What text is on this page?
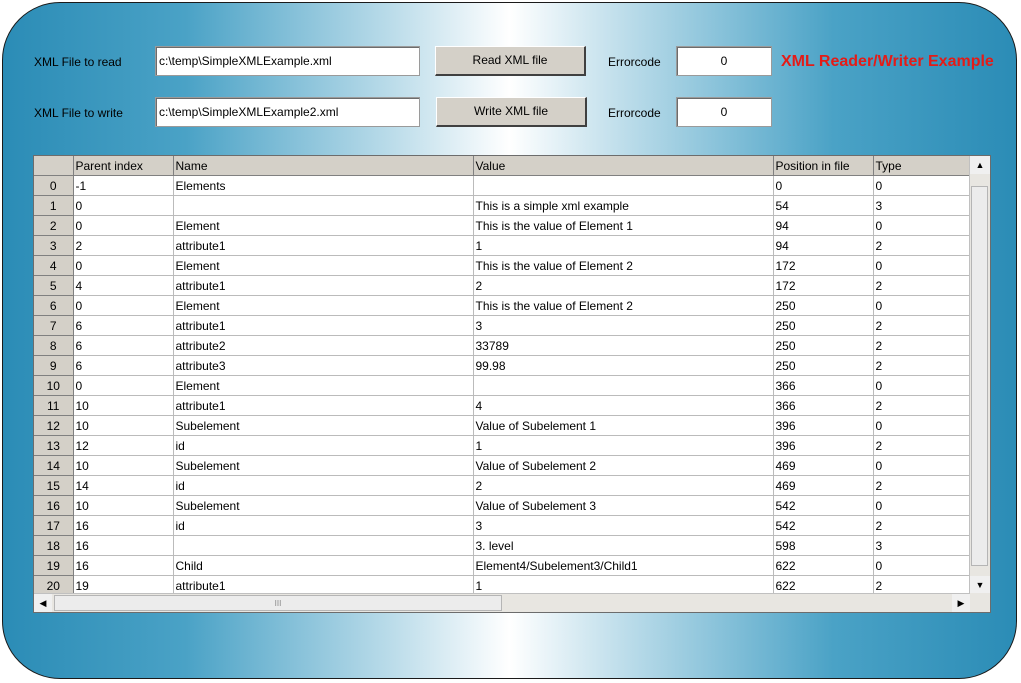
XML File to read	c:\temp\SimpleXMLExample.xml	Read XML file	Errorcode	0	XML Reader/Writer Example
XML File to write	c:\temp\SimpleXMLExample2.xml	Write XML file	Errorcode	0
	Parent index	Name	Value	Position in file	Type
0	-1	Elements		0	0
1	0		This is a simple xml example	54	3
2	0	Element	This is the value of Element 1	94	0
3	2	attribute1	1	94	2
4	0	Element	This is the value of Element 2	172	0
5	4	attribute1	2	172	2
6	0	Element	This is the value of Element 2	250	0
7	6	attribute1	3	250	2
8	6	attribute2	33789	250	2
9	6	attribute3	99.98	250	2
10	0	Element		366	0
11	10	attribute1	4	366	2
12	10	Subelement	Value of Subelement 1	396	0
13	12	id	1	396	2
14	10	Subelement	Value of Subelement 2	469	0
15	14	id	2	469	2
16	10	Subelement	Value of Subelement 3	542	0
17	16	id	3	542	2
18	16		3. level	598	3
19	16	Child	Element4/Subelement3/Child1	622	0
20	19	attribute1	1	622	2
▲
▼
◀	III	▶
